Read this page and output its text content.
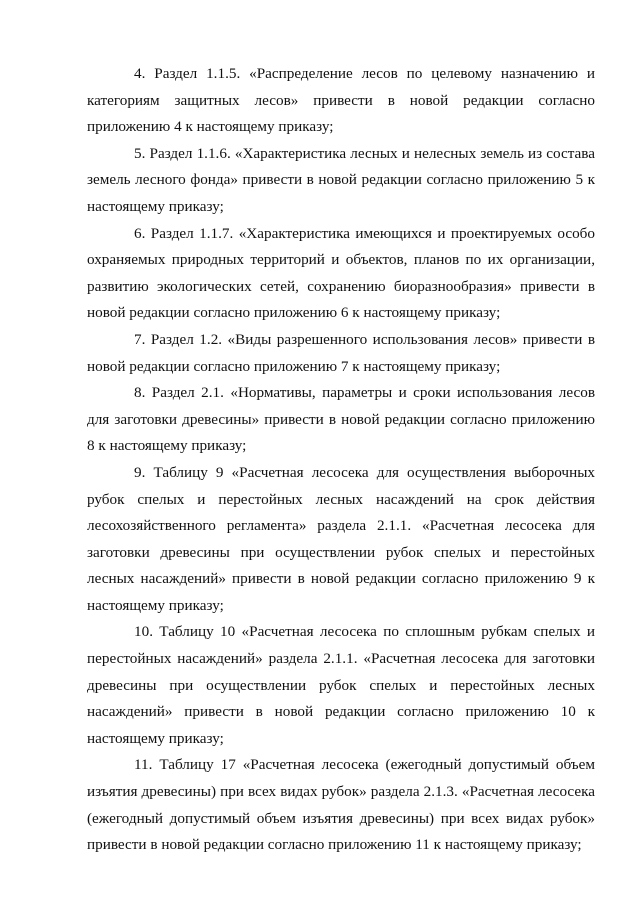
4. Раздел 1.1.5. «Распределение лесов по целевому назначению и категориям защитных лесов» привести в новой редакции согласно приложению 4 к настоящему приказу;

5. Раздел 1.1.6. «Характеристика лесных и нелесных земель из состава земель лесного фонда» привести в новой редакции согласно приложению 5 к настоящему приказу;

6. Раздел 1.1.7. «Характеристика имеющихся и проектируемых особо охраняемых природных территорий и объектов, планов по их организации, развитию экологических сетей, сохранению биоразнообразия» привести в новой редакции согласно приложению 6 к настоящему приказу;

7. Раздел 1.2. «Виды разрешенного использования лесов» привести в новой редакции согласно приложению 7 к настоящему приказу;

8. Раздел 2.1. «Нормативы, параметры и сроки использования лесов для заготовки древесины» привести в новой редакции согласно приложению 8 к настоящему приказу;

9. Таблицу 9 «Расчетная лесосека для осуществления выборочных рубок спелых и перестойных лесных насаждений на срок действия лесохозяйственного регламента» раздела 2.1.1. «Расчетная лесосека для заготовки древесины при осуществлении рубок спелых и перестойных лесных насаждений» привести в новой редакции согласно приложению 9 к настоящему приказу;

10. Таблицу 10 «Расчетная лесосека по сплошным рубкам спелых и перестойных насаждений» раздела 2.1.1. «Расчетная лесосека для заготовки древесины при осуществлении рубок спелых и перестойных лесных насаждений» привести в новой редакции согласно приложению 10 к настоящему приказу;

11. Таблицу 17 «Расчетная лесосека (ежегодный допустимый объем изъятия древесины) при всех видах рубок» раздела 2.1.3. «Расчетная лесосека (ежегодный допустимый объем изъятия древесины) при всех видах рубок» привести в новой редакции согласно приложению 11 к настоящему приказу;
